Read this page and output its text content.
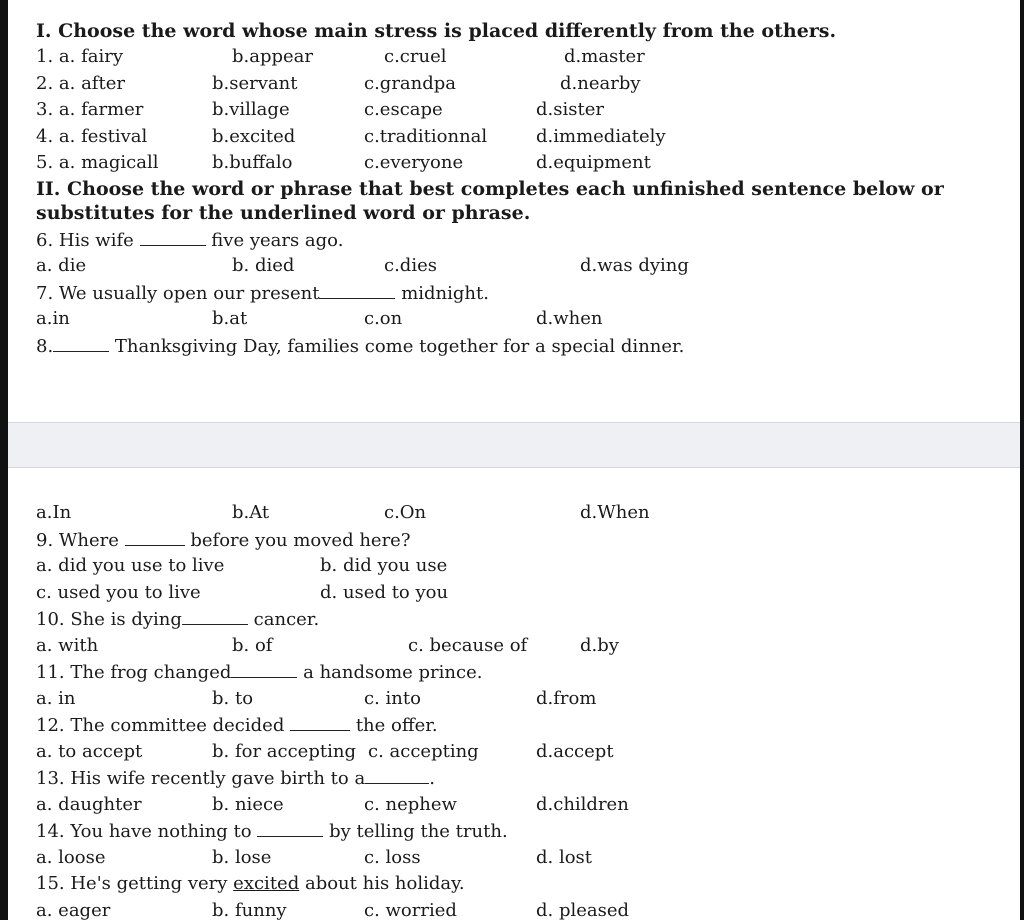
I. Choose the word whose main stress is placed differently from the others.
1. a. fairy	b.appear	c.cruel	d.master
2. a. after	b.servant	c.grandpa	d.nearby
3. a. farmer	b.village	c.escape	d.sister
4. a. festival	b.excited	c.traditionnal	d.immediately
5. a. magicall	b.buffalo	c.everyone	d.equipment
II. Choose the word or phrase that best completes each unfinished sentence below or substitutes for the underlined word or phrase.
6. His wife	five years ago.
a. die	b. died	c.dies	d.was dying
7. We usually open our present	midnight.
a.in	b.at	c.on	d.when
8.	Thanksgiving Day, families come together for a special dinner.
a.In	b.At	c.On	d.When
9. Where	before you moved here?
a. did you use to live	b. did you use
c. used you to live	d. used to you
10. She is dying	cancer.
a. with	b. of	c. because of	d.by
11. The frog changed	a handsome prince.
a. in	b. to	c. into	d.from
12. The committee decided	the offer.
a. to accept	b. for accepting c. accepting	d.accept
13. His wife recently gave birth to a	.
a. daughter	b. niece	c. nephew	d.children
14. You have nothing to	by telling the truth.
a. loose	b. lose	c. loss	d. lost
15. He's getting very excited about his holiday.
a. eager	b. funny	c. worried	d. pleased
